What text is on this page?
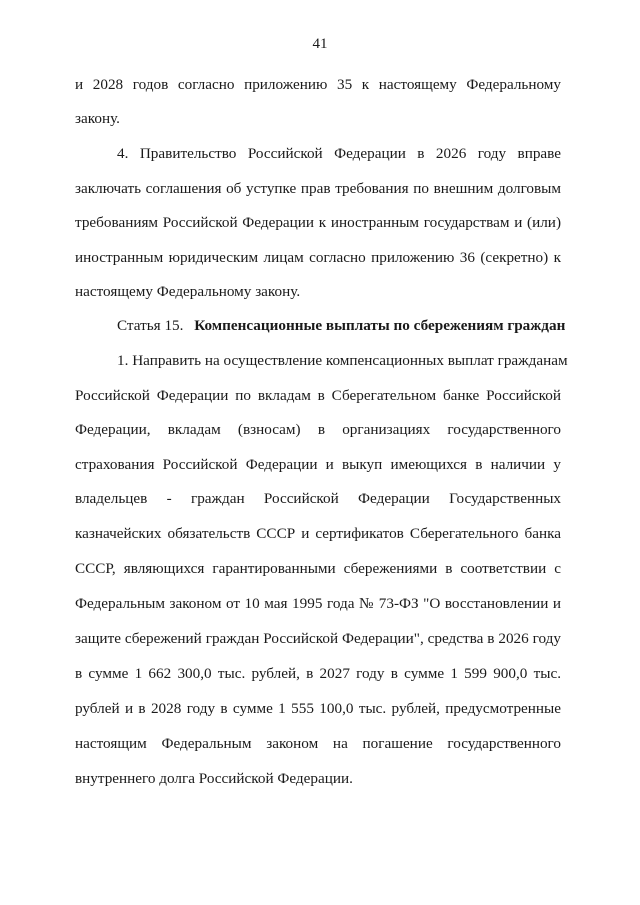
41
и 2028 годов согласно приложению 35 к настоящему Федеральному
закону.
4. Правительство Российской Федерации в 2026 году вправе
заключать соглашения об уступке прав требования по внешним долговым
требованиям Российской Федерации к иностранным государствам и (или)
иностранным юридическим лицам согласно приложению 36 (секретно) к
настоящему Федеральному закону.
Статья 15. Компенсационные выплаты по сбережениям граждан
1. Направить на осуществление компенсационных выплат гражданам
Российской Федерации по вкладам в Сберегательном банке Российской
Федерации, вкладам (взносам) в организациях государственного
страхования Российской Федерации и выкуп имеющихся в наличии у
владельцев - граждан Российской Федерации Государственных
казначейских обязательств СССР и сертификатов Сберегательного банка
СССР, являющихся гарантированными сбережениями в соответствии с
Федеральным законом от 10 мая 1995 года № 73-ФЗ "О восстановлении и
защите сбережений граждан Российской Федерации", средства в 2026 году
в сумме 1 662 300,0 тыс. рублей, в 2027 году в сумме 1 599 900,0 тыс.
рублей и в 2028 году в сумме 1 555 100,0 тыс. рублей, предусмотренные
настоящим Федеральным законом на погашение государственного
внутреннего долга Российской Федерации.
